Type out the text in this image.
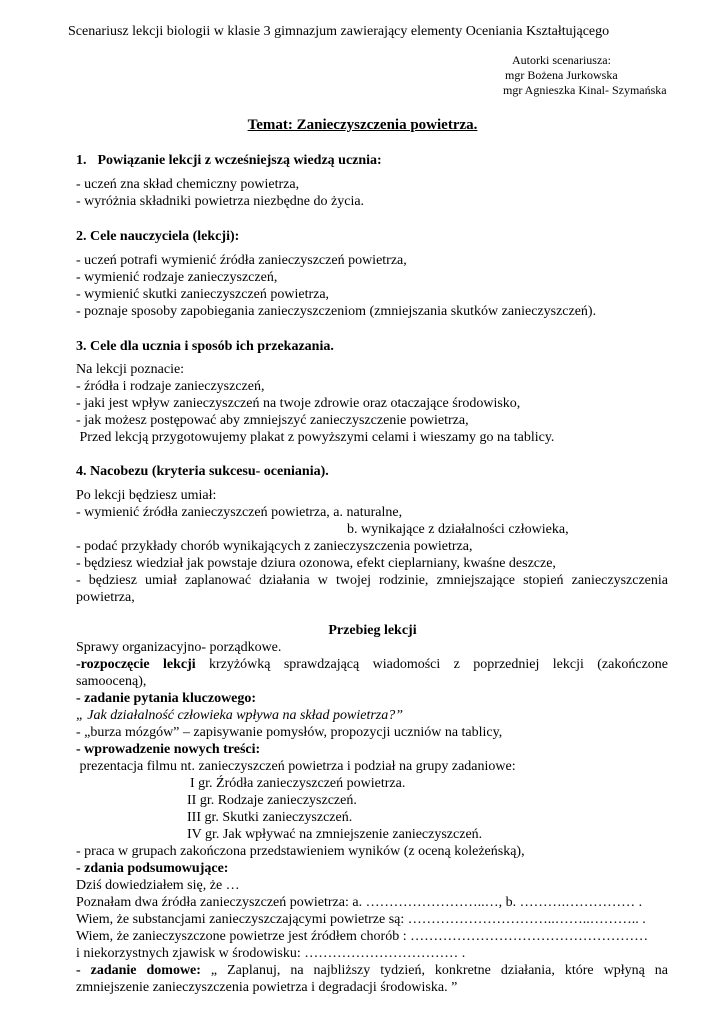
Scenariusz lekcji biologii w klasie 3 gimnazjum zawierający elementy Oceniania Kształtującego
Autorki scenariusza:
mgr Bożena Jurkowska
mgr Agnieszka Kinal- Szymańska
Temat: Zanieczyszczenia powietrza.
1. Powiązanie lekcji z wcześniejszą wiedzą ucznia:
- uczeń zna skład chemiczny powietrza,
- wyróżnia składniki powietrza niezbędne do życia.
2. Cele nauczyciela (lekcji):
- uczeń potrafi wymienić źródła zanieczyszczeń powietrza,
- wymienić rodzaje zanieczyszczeń,
- wymienić skutki zanieczyszczeń powietrza,
- poznaje sposoby zapobiegania zanieczyszczeniom (zmniejszania skutków zanieczyszczeń).
3. Cele dla ucznia i sposób ich przekazania.
Na lekcji poznacie:
- źródła i rodzaje zanieczyszczeń,
- jaki jest wpływ zanieczyszczeń na twoje zdrowie oraz otaczające środowisko,
- jak możesz postępować aby zmniejszyć zanieczyszczenie powietrza,
Przed lekcją przygotowujemy plakat z powyższymi celami i wieszamy go na tablicy.
4. Nacobezu (kryteria sukcesu- oceniania).
Po lekcji będziesz umiał:
- wymienić źródła zanieczyszczeń powietrza, a. naturalne,
b. wynikające z działalności człowieka,
- podać przykłady chorób wynikających z zanieczyszczenia powietrza,
- będziesz wiedział jak powstaje dziura ozonowa, efekt cieplarniany, kwaśne deszcze,
- będziesz umiał zaplanować działania w twojej rodzinie, zmniejszające stopień zanieczyszczenia
powietrza,
Przebieg lekcji
Sprawy organizacyjno- porządkowe.
-rozpoczęcie lekcji krzyżówką sprawdzającą wiadomości z poprzedniej lekcji (zakończone
samooceną),
- zadanie pytania kluczowego:
„ Jak działalność człowieka wpływa na skład powietrza?”
- „burza mózgów” – zapisywanie pomysłów, propozycji uczniów na tablicy,
- wprowadzenie nowych treści:
prezentacja filmu nt. zanieczyszczeń powietrza i podział na grupy zadaniowe:
I gr. Źródła zanieczyszczeń powietrza.
II gr. Rodzaje zanieczyszczeń.
III gr. Skutki zanieczyszczeń.
IV gr. Jak wpływać na zmniejszenie zanieczyszczeń.
- praca w grupach zakończona przedstawieniem wyników (z oceną koleżeńską),
- zdania podsumowujące:
Dziś dowiedziałem się, że …
Poznałam dwa źródła zanieczyszczeń powietrza: a. ……………………..…, b. ……….…………… .
Wiem, że substancjami zanieczyszczającymi powietrze są: …………………………..……..……….. .
Wiem, że zanieczyszczone powietrze jest źródłem chorób : ……………………………………………
i niekorzystnych zjawisk w środowisku: …………………………… .
- zadanie domowe: „ Zaplanuj, na najbliższy tydzień, konkretne działania, które wpłyną na
zmniejszenie zanieczyszczenia powietrza i degradacji środowiska. ”
